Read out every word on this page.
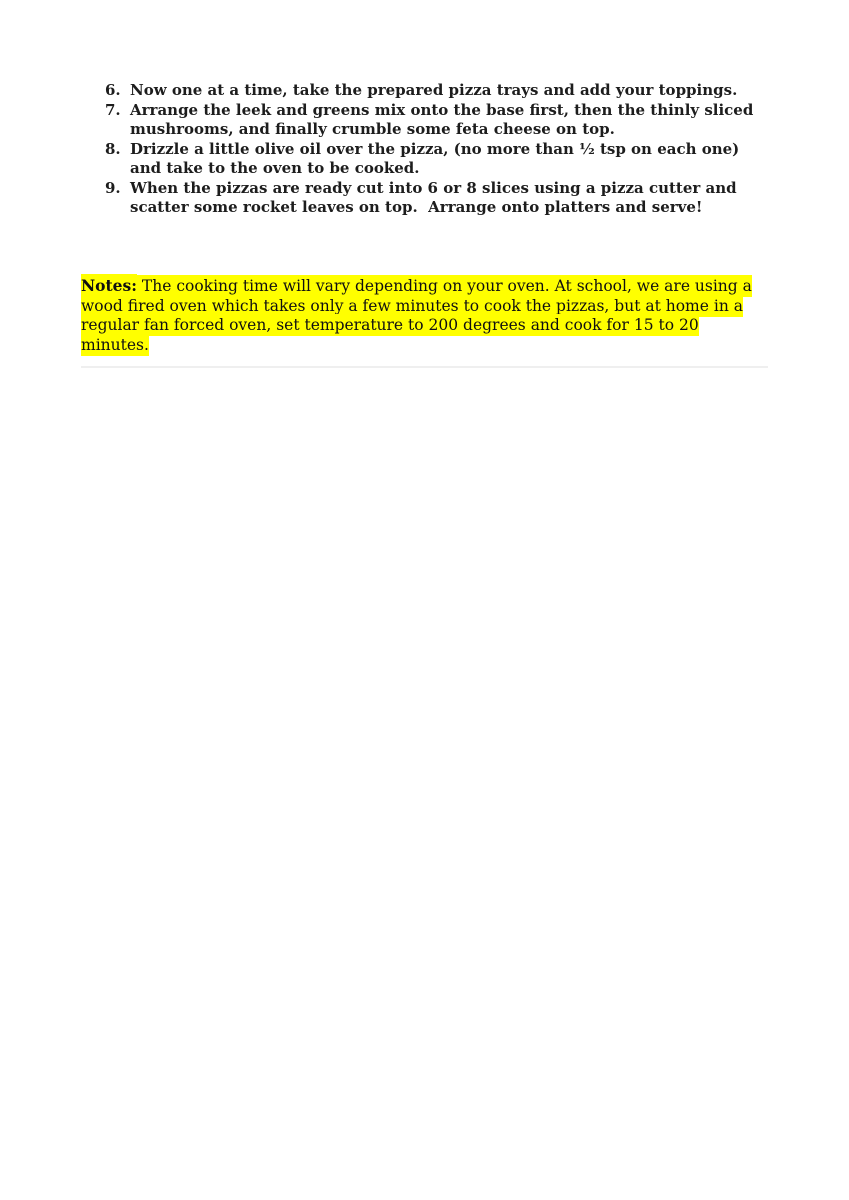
6. Now one at a time, take the prepared pizza trays and add your toppings.
7. Arrange the leek and greens mix onto the base first, then the thinly sliced mushrooms, and finally crumble some feta cheese on top.
8. Drizzle a little olive oil over the pizza, (no more than ½ tsp on each one) and take to the oven to be cooked.
9. When the pizzas are ready cut into 6 or 8 slices using a pizza cutter and scatter some rocket leaves on top.  Arrange onto platters and serve!

Notes: The cooking time will vary depending on your oven. At school, we are using a wood fired oven which takes only a few minutes to cook the pizzas, but at home in a regular fan forced oven, set temperature to 200 degrees and cook for 15 to 20 minutes.
